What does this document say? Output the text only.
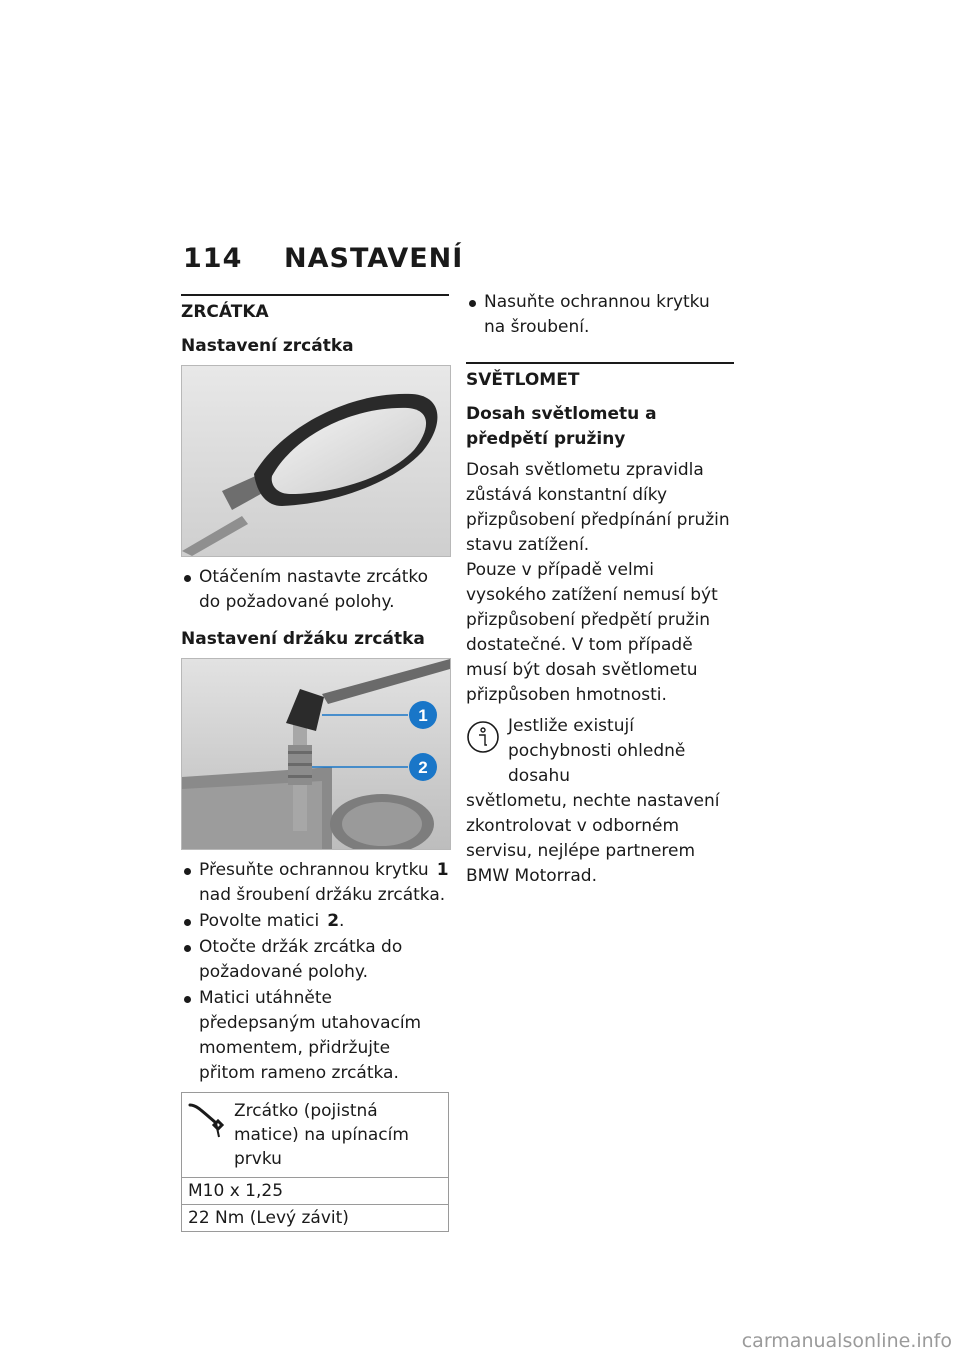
114 NASTAVENÍ
ZRCÁTKA
Nastavení zrcátka
Otáčením nastavte zrcátko do požadované polohy.
Nastavení držáku zrcátka
1
2
Přesuňte ochrannou krytku 1 nad šroubení držáku zrcátka.
Povolte matici 2.
Otočte držák zrcátka do požadované polohy.
Matici utáhněte předepsaným utahovacím momentem, přidržujte přitom rameno zrcátka.
Zrcátko (pojistná matice) na upínacím prvku
M10 x 1,25
22 Nm (Levý závit)
Nasuňte ochrannou krytku na šroubení.
SVĚTLOMET
Dosah světlometu a předpětí pružiny

Dosah světlometu zpravidla zůstává konstantní díky přizpůsobení předpínání pružin stavu zatížení.

Pouze v případě velmi vysokého zatížení nemusí být přizpůsobení předpětí pružin dostatečné. V tom případě musí být dosah světlometu přizpůsoben hmotnosti.

Jestliže existují pochybnosti ohledně dosahu

světlometu, nechte nastavení zkontrolovat v odborném servisu, nejlépe partnerem BMW Motorrad.

carmanualsonline.info
